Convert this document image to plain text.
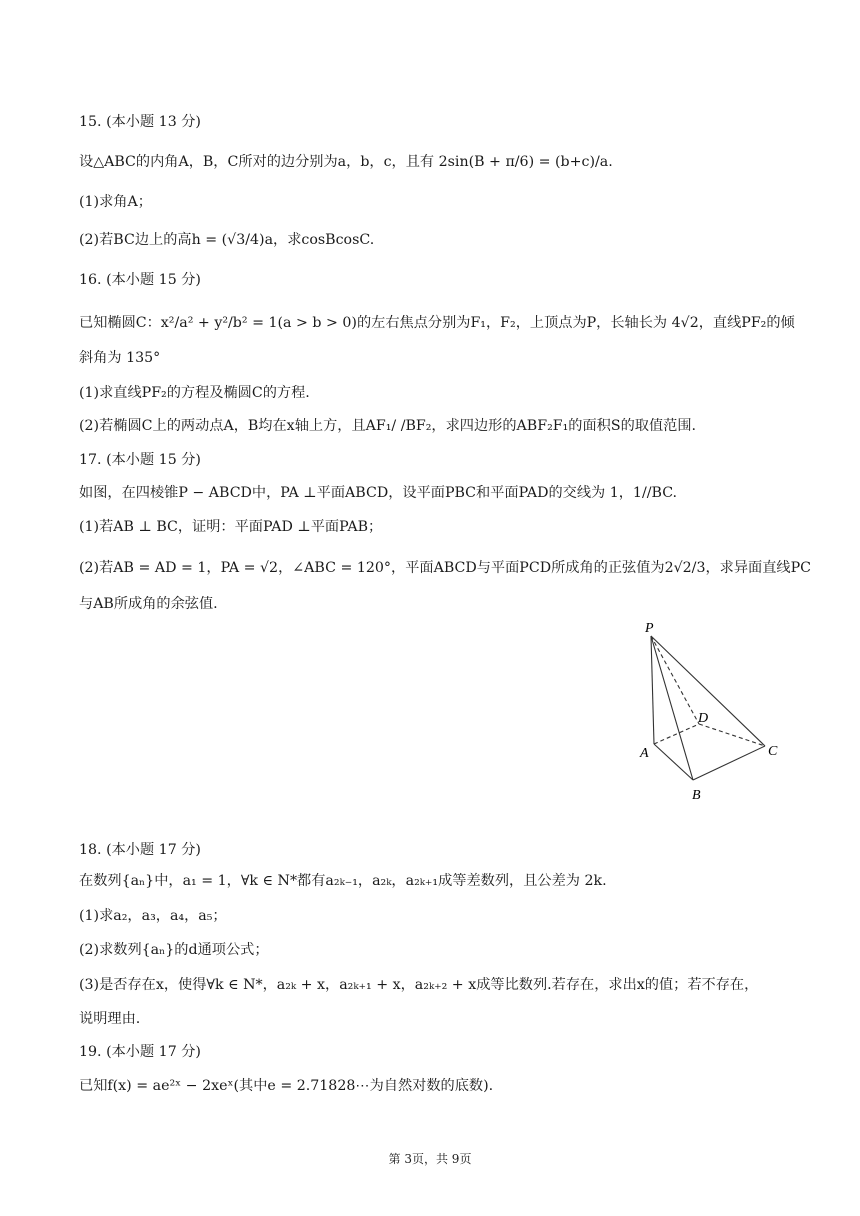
15. (本小题 13 分)
设△ABC的内角A，B，C所对的边分别为a，b，c，且有 2sin(B + π/6) = (b+c)/a.
(1)求角A；
(2)若BC边上的高h = (√3/4)a，求cosBcosC.
16. (本小题 15 分)
已知椭圆C：x²/a² + y²/b² = 1(a > b > 0)的左右焦点分别为F₁，F₂，上顶点为P，长轴长为 4√2，直线PF₂的倾
斜角为 135°
(1)求直线PF₂的方程及椭圆C的方程.
(2)若椭圆C上的两动点A，B均在x轴上方，且AF₁/ /BF₂，求四边形的ABF₂F₁的面积S的取值范围.
17. (本小题 15 分)
如图，在四棱锥P − ABCD中，PA ⊥平面ABCD，设平面PBC和平面PAD的交线为 1，1//BC.
(1)若AB ⊥ BC，证明：平面PAD ⊥平面PAB；
(2)若AB = AD = 1，PA = √2，∠ABC = 120°，平面ABCD与平面PCD所成角的正弦值为2√2/3，求异面直线PC
与AB所成角的余弦值.
P
A
B
C
D
18. (本小题 17 分)
在数列{aₙ}中，a₁ = 1，∀k ∈ N*都有a₂ₖ₋₁，a₂ₖ，a₂ₖ₊₁成等差数列，且公差为 2k.
(1)求a₂，a₃，a₄，a₅；
(2)求数列{aₙ}的d通项公式；
(3)是否存在x，使得∀k ∈ N*，a₂ₖ + x，a₂ₖ₊₁ + x，a₂ₖ₊₂ + x成等比数列.若存在，求出x的值；若不存在，
说明理由.
19. (本小题 17 分)
已知f(x) = ae²ˣ − 2xeˣ(其中e = 2.71828⋯为自然对数的底数).
第 3页，共 9页
